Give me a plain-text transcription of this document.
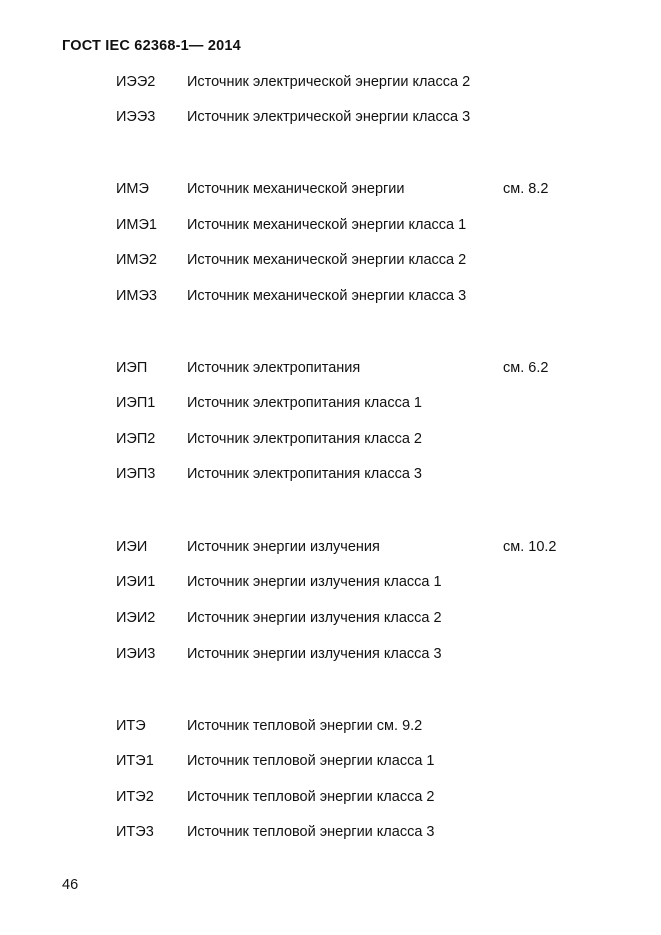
ГОСТ IEC 62368-1— 2014
ИЭЭ2 Источник электрической энергии класса 2
ИЭЭ3 Источник электрической энергии класса 3
ИМЭ	Источник механической энергии	см. 8.2
ИМЭ1 Источник механической энергии класса 1
ИМЭ2 Источник механической энергии класса 2
ИМЭ3 Источник механической энергии класса 3
ИЭП	Источник электропитания	см. 6.2
ИЭП1 Источник электропитания класса 1
ИЭП2 Источник электропитания класса 2
ИЭП3 Источник электропитания класса 3
ИЭИ	Источник энергии излучения	см. 10.2
ИЭИ1 Источник энергии излучения класса 1
ИЭИ2 Источник энергии излучения класса 2
ИЭИ3 Источник энергии излучения класса 3
ИТЭ	Источник тепловой энергии см. 9.2
ИТЭ1 Источник тепловой энергии класса 1
ИТЭ2 Источник тепловой энергии класса 2
ИТЭ3 Источник тепловой энергии класса 3
46
